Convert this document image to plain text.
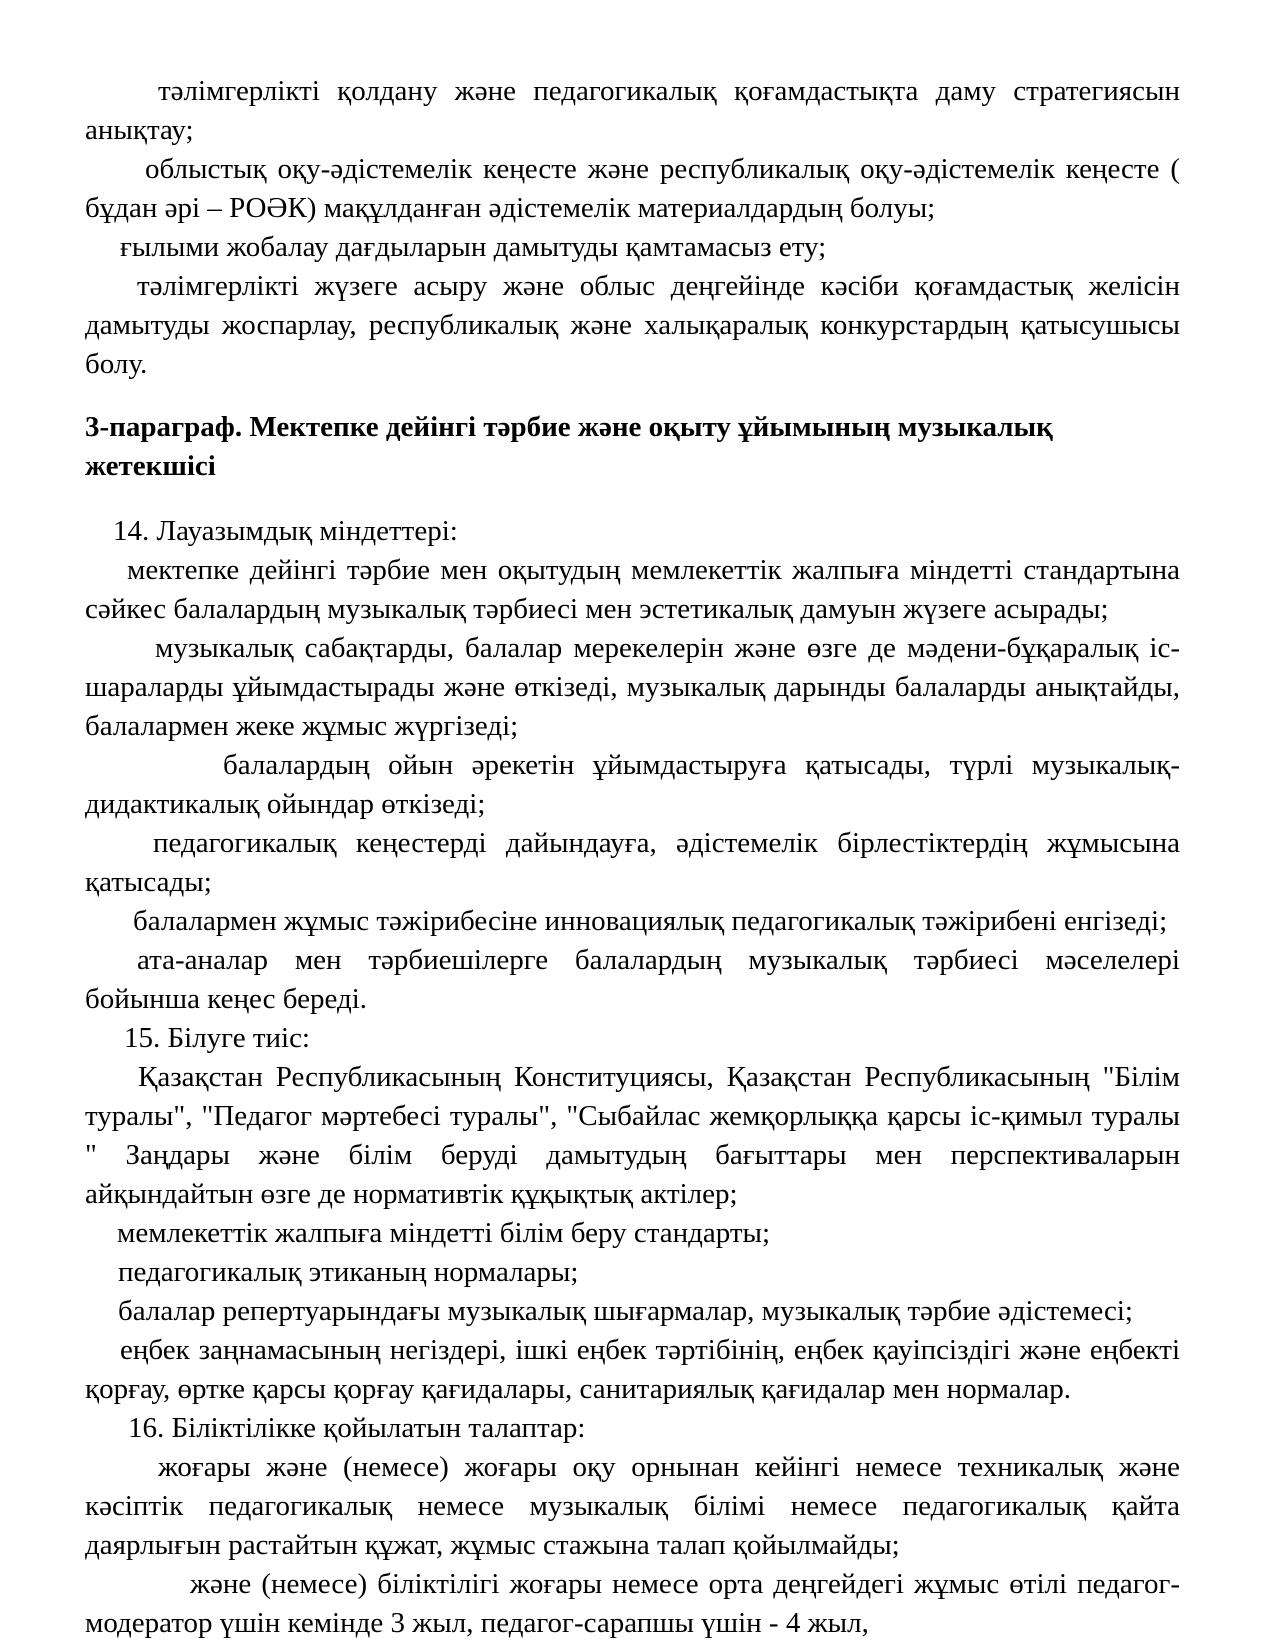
тәлімгерлікті қолдану және педагогикалық қоғамдастықта даму стратегиясын анықтау;

облыстық оқу-әдістемелік кеңесте және республикалық оқу-әдістемелік кеңесте ( бұдан әрі – РОӘК) мақұлданған әдістемелік материалдардың болуы;

ғылыми жобалау дағдыларын дамытуды қамтамасыз ету;

тәлімгерлікті жүзеге асыру және облыс деңгейінде кәсіби қоғамдастық желісін дамытуды жоспарлау, республикалық және халықаралық конкурстардың қатысушысы болу.

3-параграф. Мектепке дейінгі тәрбие және оқыту ұйымының музыкалық жетекшісі

14. Лауазымдық міндеттері:

мектепке дейінгі тәрбие мен оқытудың мемлекеттік жалпыға міндетті стандартына сәйкес балалардың музыкалық тәрбиесі мен эстетикалық дамуын жүзеге асырады;

музыкалық сабақтарды, балалар мерекелерін және өзге де мәдени-бұқаралық іс-шараларды ұйымдастырады және өткізеді, музыкалық дарынды балаларды анықтайды, балалармен жеке жұмыс жүргізеді;

балалардың ойын әрекетін ұйымдастыруға қатысады, түрлі музыкалық-дидактикалық ойындар өткізеді;

педагогикалық кеңестерді дайындауға, әдістемелік бірлестіктердің жұмысына қатысады;

балалармен жұмыс тәжірибесіне инновациялық педагогикалық тәжірибені енгізеді;

ата-аналар мен тәрбиешілерге балалардың музыкалық тәрбиесі мәселелері бойынша кеңес береді.

15. Білуге тиіс:

Қазақстан Республикасының Конституциясы, Қазақстан Республикасының "Білім туралы", "Педагог мәртебесі туралы", "Сыбайлас жемқорлыққа қарсы іс-қимыл туралы " Заңдары және білім беруді дамытудың бағыттары мен перспективаларын айқындайтын өзге де нормативтік құқықтық актілер;

мемлекеттік жалпыға міндетті білім беру стандарты;

педагогикалық этиканың нормалары;

балалар репертуарындағы музыкалық шығармалар, музыкалық тәрбие әдістемесі;

еңбек заңнамасының негіздері, ішкі еңбек тәртібінің, еңбек қауіпсіздігі және еңбекті қорғау, өртке қарсы қорғау қағидалары, санитариялық қағидалар мен нормалар.

16. Біліктілікке қойылатын талаптар:

жоғары және (немесе) жоғары оқу орнынан кейінгі немесе техникалық және кәсіптік педагогикалық немесе музыкалық білімі немесе педагогикалық қайта даярлығын растайтын құжат, жұмыс стажына талап қойылмайды;

және (немесе) біліктілігі жоғары немесе орта деңгейдегі жұмыс өтілі педагог-модератор үшін кемінде 3 жыл, педагог-сарапшы үшін - 4 жыл,
